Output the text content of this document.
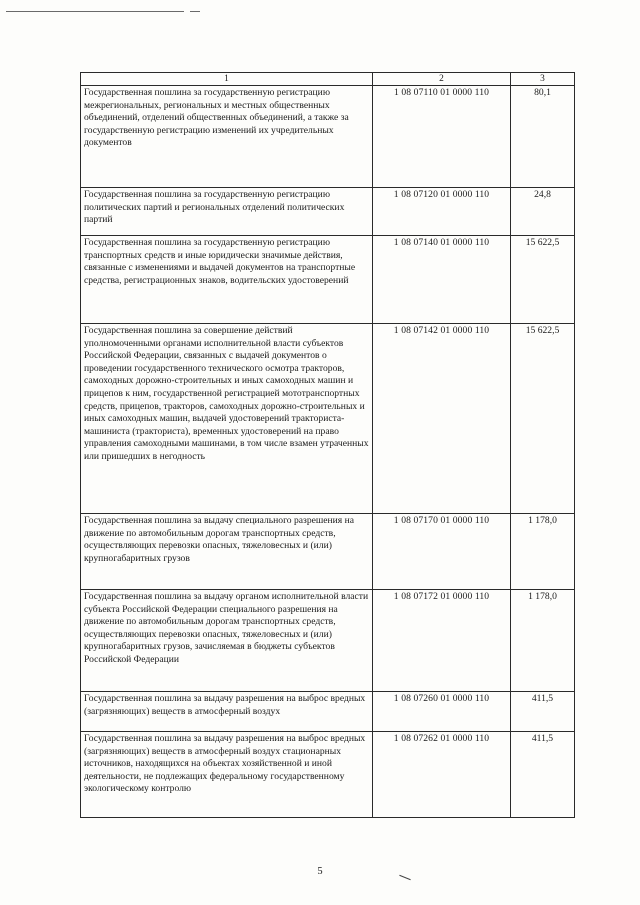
1	2	3
Государственная пошлина за государственную регистрацию межрегиональных, региональных и местных общественных объединений, отделений общественных объединений, а также за государственную регистрацию изменений их учредительных документов	1 08 07110 01 0000 110	80,1
Государственная пошлина за государственную регистрацию политических партий и региональных отделений политических партий	1 08 07120 01 0000 110	24,8
Государственная пошлина за государственную регистрацию транспортных средств и иные юридически значимые действия, связанные с изменениями и выдачей документов на транспортные средства, регистрационных знаков, водительских удостоверений	1 08 07140 01 0000 110	15 622,5
Государственная пошлина за совершение действий уполномоченными органами исполнительной власти субъектов Российской Федерации, связанных с выдачей документов о проведении государственного технического осмотра тракторов, самоходных дорожно-строительных и иных самоходных машин и прицепов к ним, государственной регистрацией мототранспортных средств, прицепов, тракторов, самоходных дорожно-строительных и иных самоходных машин, выдачей удостоверений тракториста-машиниста (тракториста), временных удостоверений на право управления самоходными машинами, в том числе взамен утраченных или пришедших в негодность	1 08 07142 01 0000 110	15 622,5
Государственная пошлина за выдачу специального разрешения на движение по автомобильным дорогам транспортных средств, осуществляющих перевозки опасных, тяжеловесных и (или) крупногабаритных грузов	1 08 07170 01 0000 110	1 178,0
Государственная пошлина за выдачу органом исполнительной власти субъекта Российской Федерации специального разрешения на движение по автомобильным дорогам транспортных средств, осуществляющих перевозки опасных, тяжеловесных и (или) крупногабаритных грузов, зачисляемая в бюджеты субъектов Российской Федерации	1 08 07172 01 0000 110	1 178,0
Государственная пошлина за выдачу разрешения на выброс вредных (загрязняющих) веществ в атмосферный воздух	1 08 07260 01 0000 110	411,5
Государственная пошлина за выдачу разрешения на выброс вредных (загрязняющих) веществ в атмосферный воздух стационарных источников, находящихся на объектах хозяйственной и иной деятельности, не подлежащих федеральному государственному экологическому контролю	1 08 07262 01 0000 110	411,5
5
